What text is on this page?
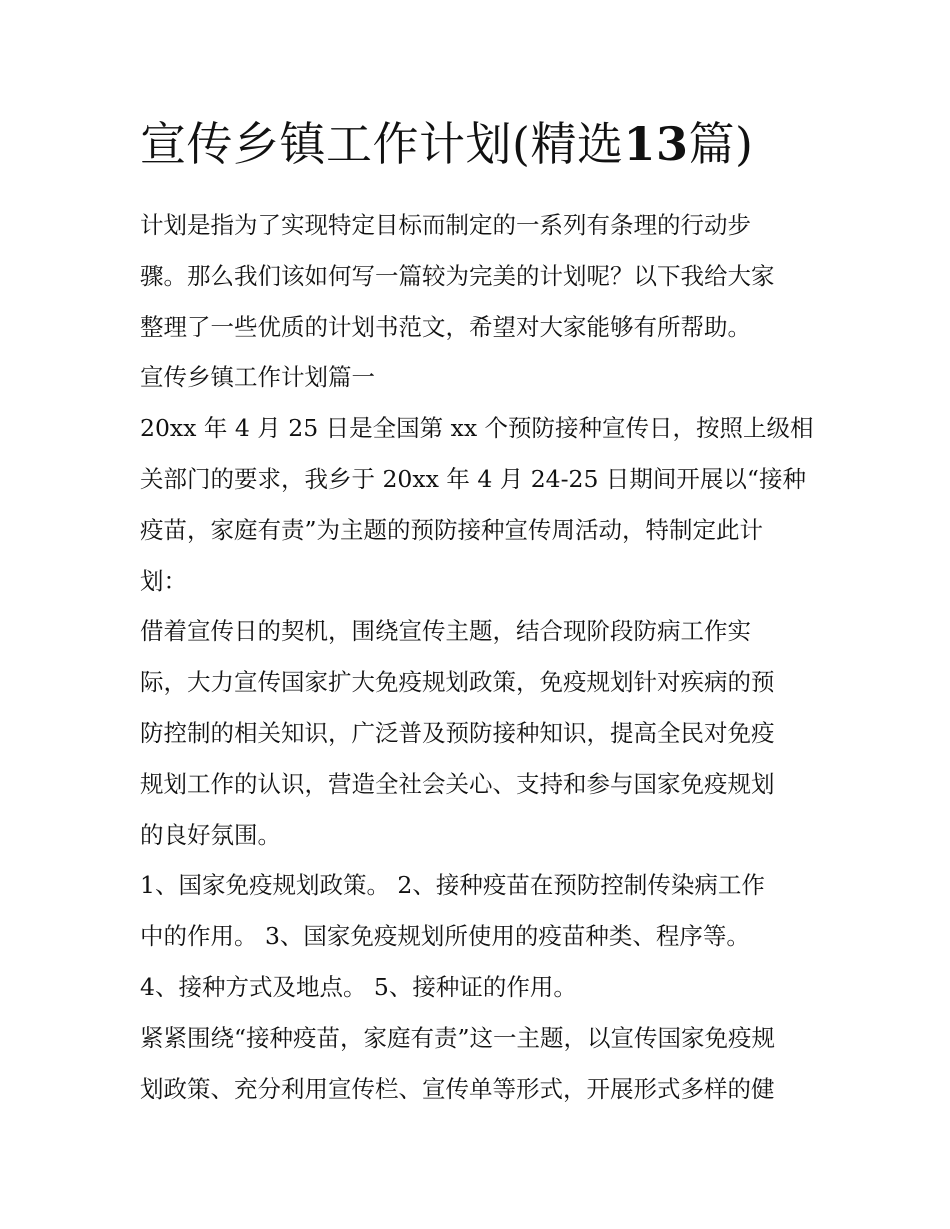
宣传乡镇工作计划(精选13篇)
计划是指为了实现特定目标而制定的一系列有条理的行动步
骤。那么我们该如何写一篇较为完美的计划呢？以下我给大家
整理了一些优质的计划书范文，希望对大家能够有所帮助。
宣传乡镇工作计划篇一
20xx 年 4 月 25 日是全国第 xx 个预防接种宣传日，按照上级相
关部门的要求，我乡于 20xx 年 4 月 24-25 日期间开展以“接种
疫苗，家庭有责”为主题的预防接种宣传周活动，特制定此计
划：
借着宣传日的契机，围绕宣传主题，结合现阶段防病工作实
际，大力宣传国家扩大免疫规划政策，免疫规划针对疾病的预
防控制的相关知识，广泛普及预防接种知识，提高全民对免疫
规划工作的认识，营造全社会关心、支持和参与国家免疫规划
的良好氛围。
1、国家免疫规划政策。 2、接种疫苗在预防控制传染病工作
中的作用。 3、国家免疫规划所使用的疫苗种类、程序等。
4、接种方式及地点。 5、接种证的作用。
紧紧围绕“接种疫苗，家庭有责”这一主题，以宣传国家免疫规
划政策、充分利用宣传栏、宣传单等形式，开展形式多样的健
